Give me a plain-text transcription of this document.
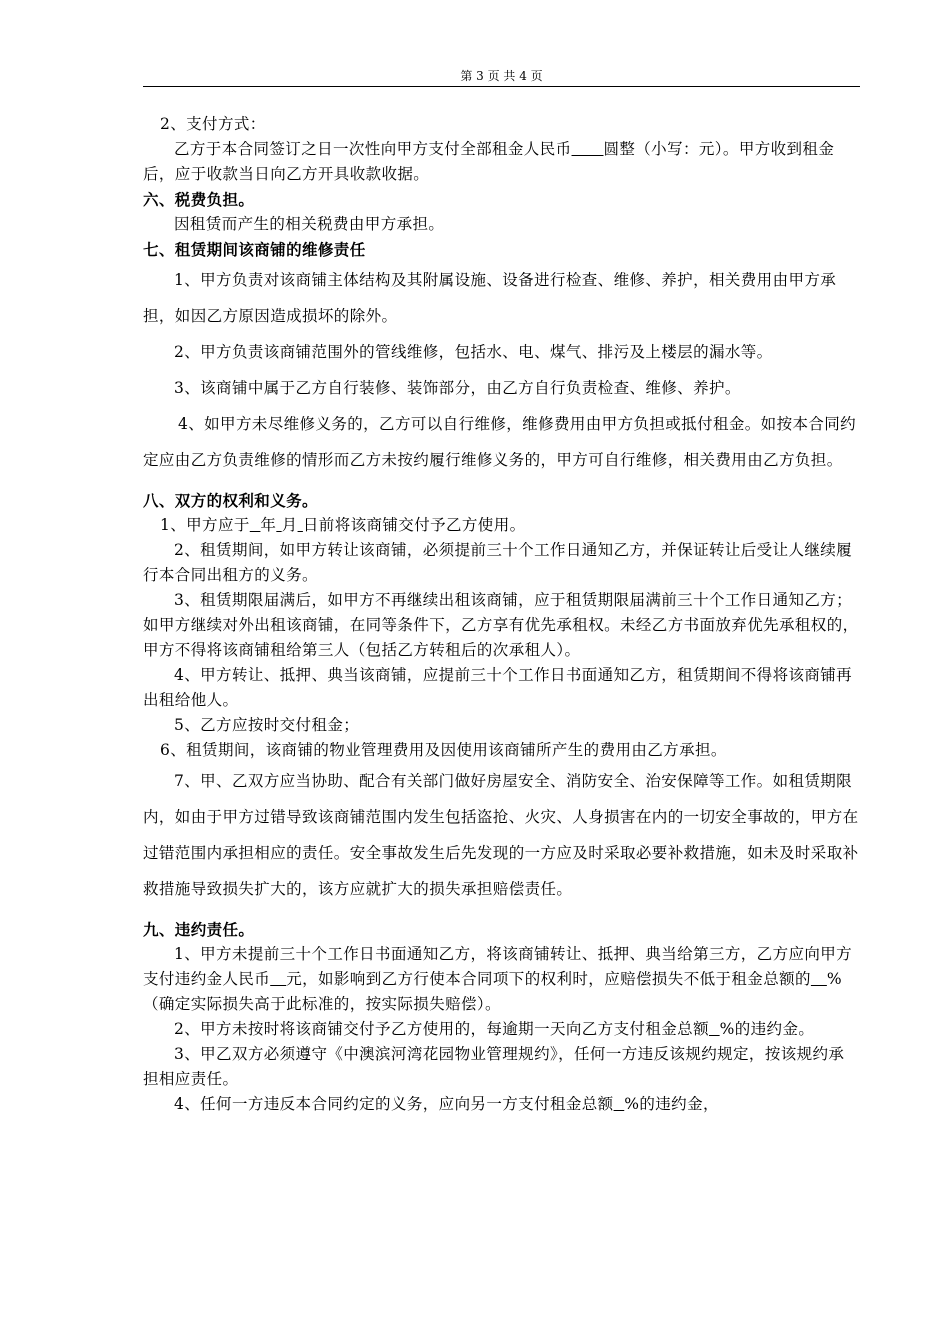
第 3 页 共 4 页

2、支付方式：

乙方于本合同签订之日一次性向甲方支付全部租金人民币 圆整（小写：元）。甲方收到租金后，应于收款当日向乙方开具收款收据。

六、税费负担。

因租赁而产生的相关税费由甲方承担。

七、租赁期间该商铺的维修责任

1、甲方负责对该商铺主体结构及其附属设施、设备进行检查、维修、养护，相关费用由甲方承担，如因乙方原因造成损坏的除外。

2、甲方负责该商铺范围外的管线维修，包括水、电、煤气、排污及上楼层的漏水等。

3、该商铺中属于乙方自行装修、装饰部分，由乙方自行负责检查、维修、养护。

4、如甲方未尽维修义务的，乙方可以自行维修，维修费用由甲方负担或抵付租金。如按本合同约定应由乙方负责维修的情形而乙方未按约履行维修义务的，甲方可自行维修，相关费用由乙方负担。

八、双方的权利和义务。

1、甲方应于 年 月 日前将该商铺交付予乙方使用。

2、租赁期间，如甲方转让该商铺，必须提前三十个工作日通知乙方，并保证转让后受让人继续履行本合同出租方的义务。

3、租赁期限届满后，如甲方不再继续出租该商铺，应于租赁期限届满前三十个工作日通知乙方；如甲方继续对外出租该商铺，在同等条件下，乙方享有优先承租权。未经乙方书面放弃优先承租权的，甲方不得将该商铺租给第三人（包括乙方转租后的次承租人）。

4、甲方转让、抵押、典当该商铺，应提前三十个工作日书面通知乙方，租赁期间不得将该商铺再出租给他人。

5、乙方应按时交付租金；

6、租赁期间，该商铺的物业管理费用及因使用该商铺所产生的费用由乙方承担。

7、甲、乙双方应当协助、配合有关部门做好房屋安全、消防安全、治安保障等工作。如租赁期限内，如由于甲方过错导致该商铺范围内发生包括盗抢、火灾、人身损害在内的一切安全事故的，甲方在过错范围内承担相应的责任。安全事故发生后先发现的一方应及时采取必要补救措施，如未及时采取补救措施导致损失扩大的，该方应就扩大的损失承担赔偿责任。

九、违约责任。

1、甲方未提前三十个工作日书面通知乙方，将该商铺转让、抵押、典当给第三方，乙方应向甲方支付违约金人民币 元，如影响到乙方行使本合同项下的权利时，应赔偿损失不低于租金总额的 %（确定实际损失高于此标准的，按实际损失赔偿）。

2、甲方未按时将该商铺交付予乙方使用的，每逾期一天向乙方支付租金总额 %的违约金。

3、甲乙双方必须遵守《中澳滨河湾花园物业管理规约》，任何一方违反该规约规定，按该规约承担相应责任。

4、任何一方违反本合同约定的义务，应向另一方支付租金总额 %的违约金，
